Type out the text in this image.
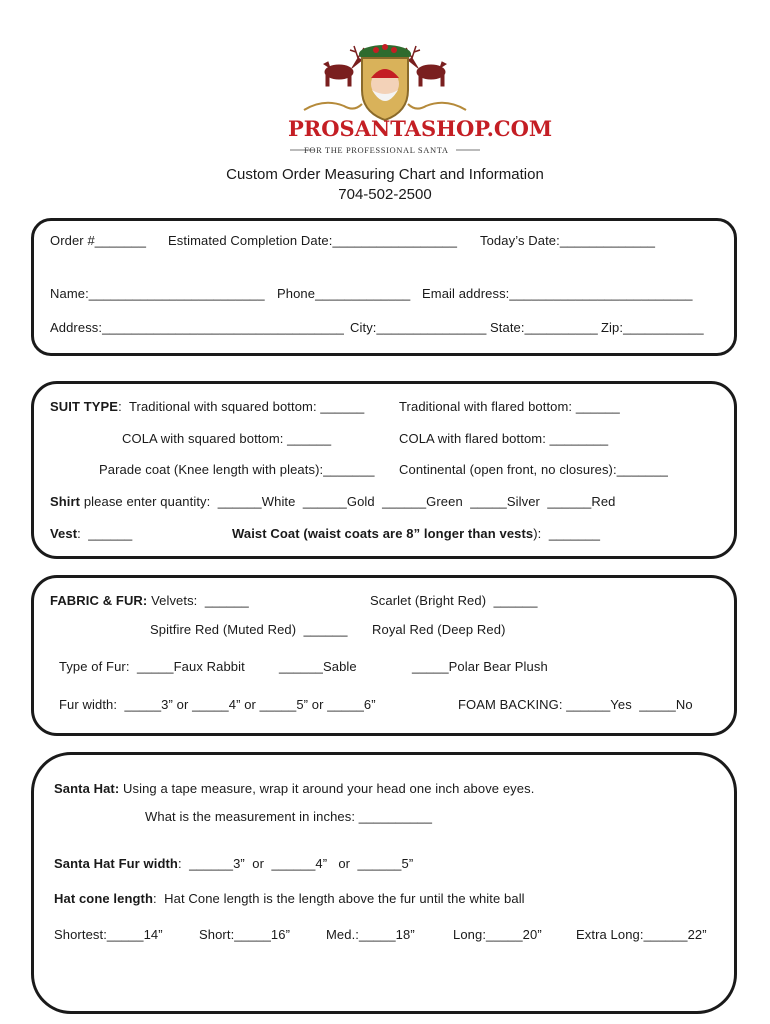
PROSANTASHOP.COM
FOR THE PROFESSIONAL SANTA
Custom Order Measuring Chart and Information
704-502-2500
Order #_______ Estimated Completion Date:_________________ Today’s Date:_____________
Name:________________________ Phone_____________ Email address:_________________________
Address:_________________________________ City:_______________ State:__________ Zip:___________
SUIT TYPE:  Traditional with squared bottom: ______	Traditional with flared bottom: ______
COLA with squared bottom: ______	COLA with flared bottom: ________
Parade coat (Knee length with pleats):_______ Continental (open front, no closures):_______
Shirt please enter quantity:  ______White  ______Gold  ______Green  _____Silver  ______Red
Vest:  ______	Waist Coat (waist coats are 8” longer than vests):  _______
FABRIC & FUR: Velvets:  ______	Scarlet (Bright Red)  ______
Spitfire Red (Muted Red)  ______ Royal Red (Deep Red)
Type of Fur:  _____Faux Rabbit	______Sable	_____Polar Bear Plush
Fur width:  _____3” or _____4” or _____5” or _____6”	FOAM BACKING: ______Yes  _____No
Santa Hat: Using a tape measure, wrap it around your head one inch above eyes.
What is the measurement in inches: __________
Santa Hat Fur width:  ______3”  or  ______4”   or  ______5”
Hat cone length:  Hat Cone length is the length above the fur until the white ball
Shortest:_____14”	Short:_____16”	Med.:_____18”	Long:_____20”	Extra Long:______22”
